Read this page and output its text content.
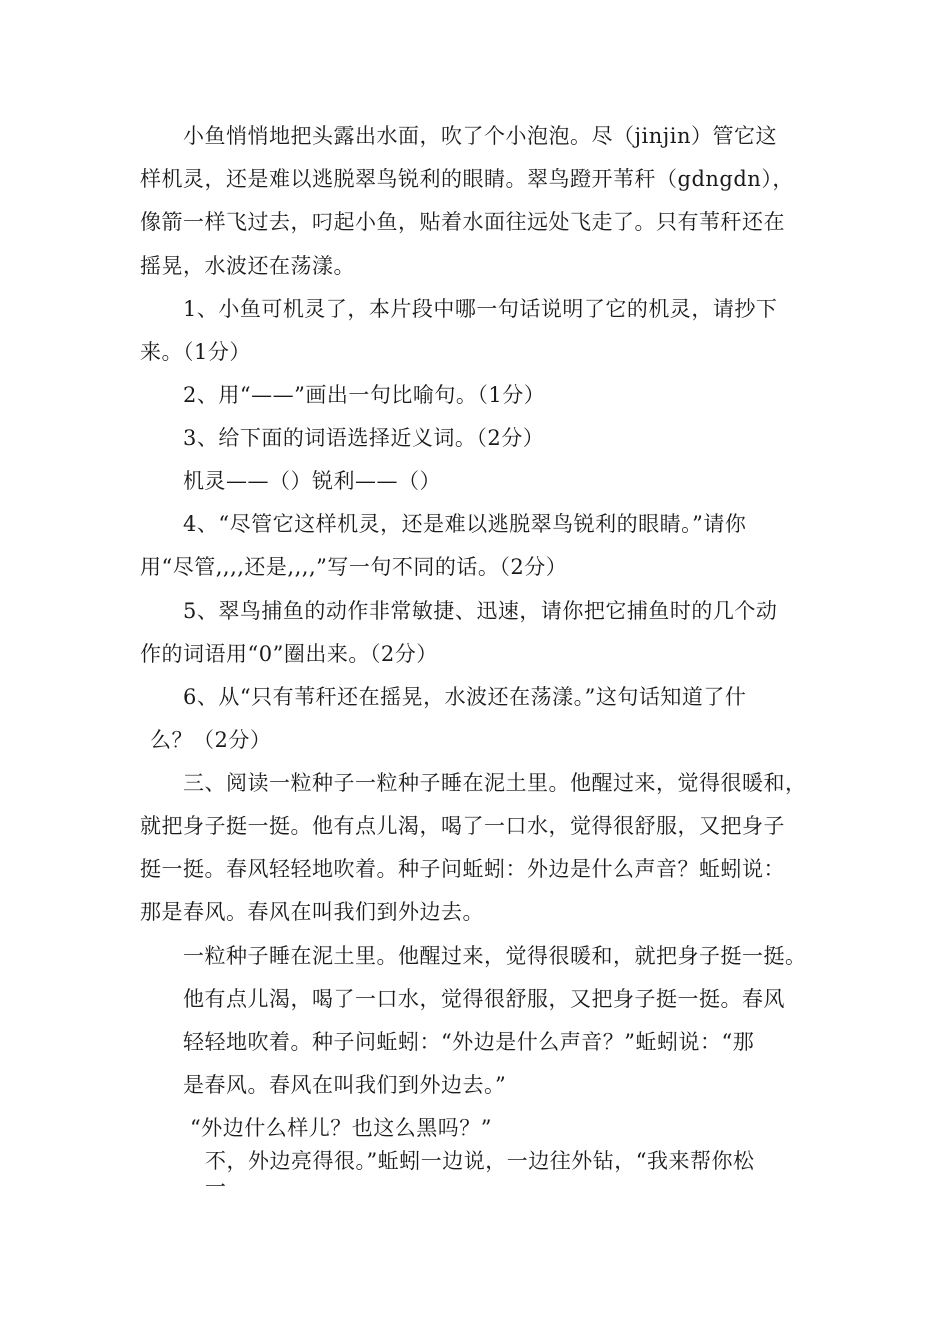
小鱼悄悄地把头露出水面，吹了个小泡泡。尽（jinjin）管它这
样机灵，还是难以逃脱翠鸟锐利的眼睛。翠鸟蹬开苇秆（gdngdn），
像箭一样飞过去，叼起小鱼，贴着水面往远处飞走了。只有苇秆还在
摇晃，水波还在荡漾。
1、小鱼可机灵了，本片段中哪一句话说明了它的机灵，请抄下
来。（1分）
2、用“——”画出一句比喻句。（1分）
3、给下面的词语选择近义词。（2分）
机灵——（）锐利——（）
4、“尽管它这样机灵，还是难以逃脱翠鸟锐利的眼睛。”请你
用“尽管,,,,还是,,,,”写一句不同的话。（2分）
5、翠鸟捕鱼的动作非常敏捷、迅速，请你把它捕鱼时的几个动
作的词语用“0”圈出来。（2分）
6、从“只有苇秆还在摇晃，水波还在荡漾。”这句话知道了什
么？（2分）
三、阅读一粒种子一粒种子睡在泥土里。他醒过来，觉得很暖和，
就把身子挺一挺。他有点儿渴，喝了一口水，觉得很舒服，又把身子
挺一挺。春风轻轻地吹着。种子问蚯蚓：外边是什么声音？蚯蚓说：
那是春风。春风在叫我们到外边去。
一粒种子睡在泥土里。他醒过来，觉得很暖和，就把身子挺一挺。
他有点儿渴，喝了一口水，觉得很舒服，又把身子挺一挺。春风
轻轻地吹着。种子问蚯蚓：“外边是什么声音？”蚯蚓说：“那
是春风。春风在叫我们到外边去。”
“外边什么样儿？也这么黑吗？”
不，外边亮得很。”蚯蚓一边说，一边往外钻，“我来帮你松
一
